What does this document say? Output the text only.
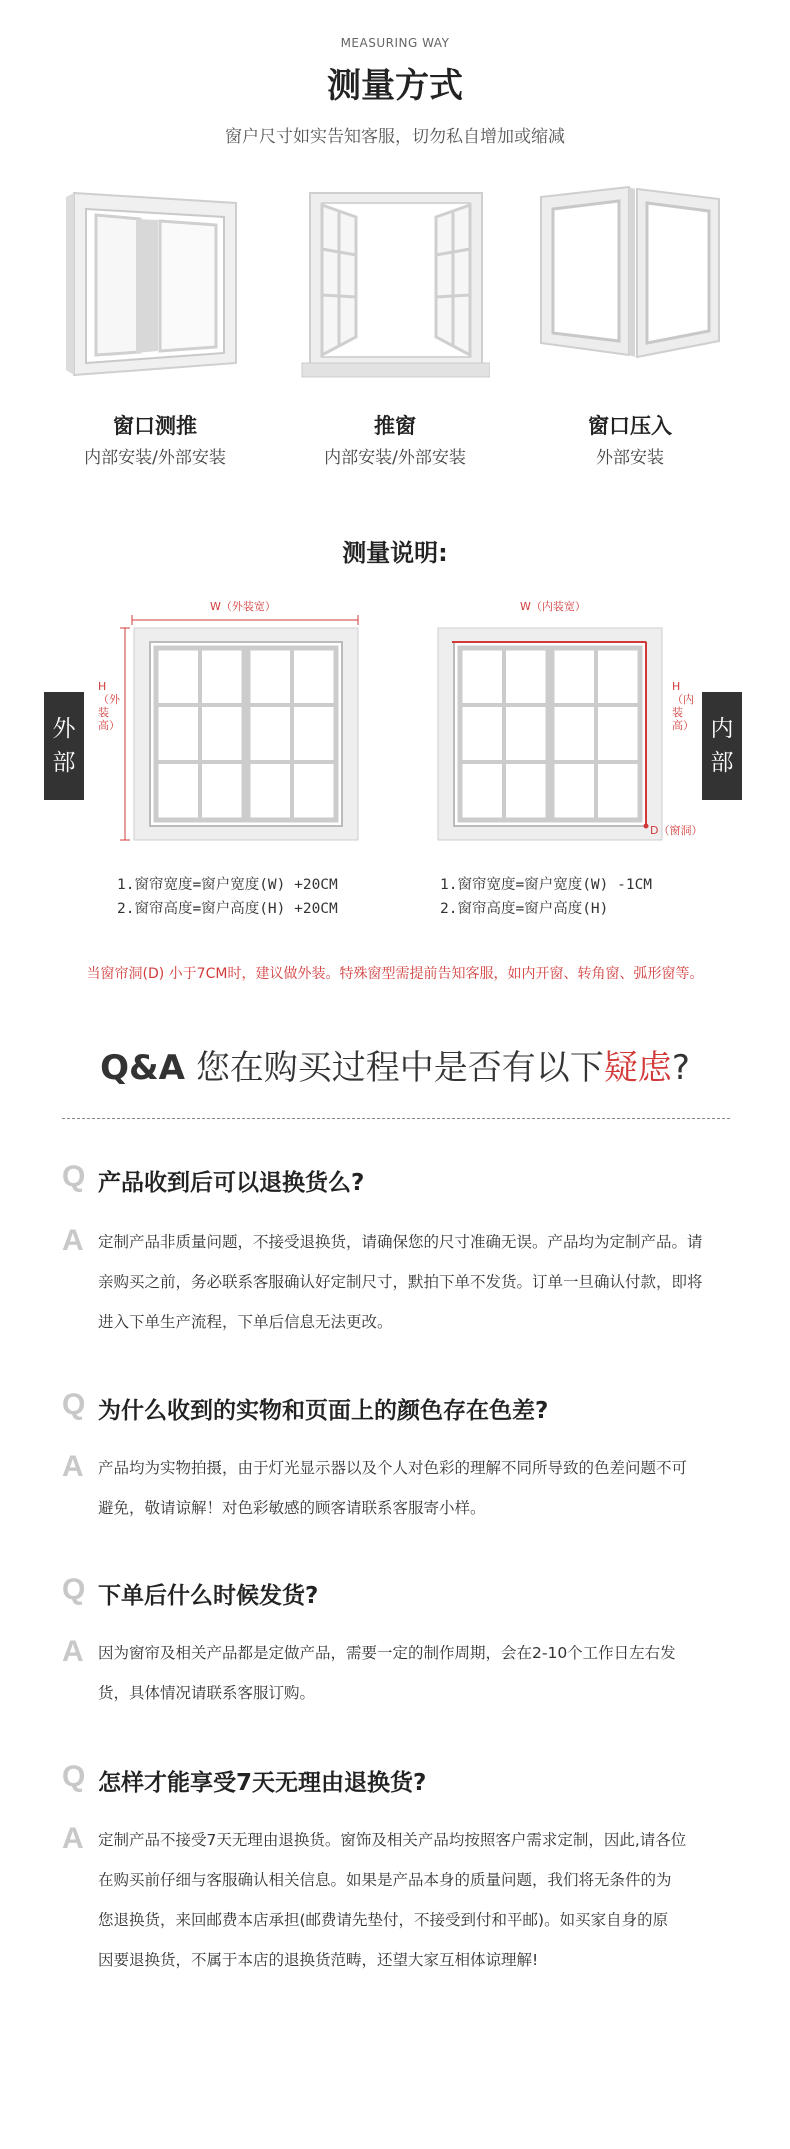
MEASURING WAY
测量方式
窗户尺寸如实告知客服，切勿私自增加或缩减
窗口测推
内部安装/外部安装
推窗
内部安装/外部安装
窗口压入
外部安装
测量说明:
外部
W（外装宽）
H（外装高）
1.窗帘宽度=窗户宽度(W) +20CM
2.窗帘高度=窗户高度(H) +20CM
W（内装宽）
H（内装高）
D（窗洞）
内部
1.窗帘宽度=窗户宽度(W) -1CM
2.窗帘高度=窗户高度(H)
当窗帘洞(D) 小于7CM时，建议做外装。特殊窗型需提前告知客服，如内开窗、转角窗、弧形窗等。
Q&A 您在购买过程中是否有以下疑虑?
Q 产品收到后可以退换货么?
A 定制产品非质量问题，不接受退换货，请确保您的尺寸准确无误。产品均为定制产品。请
亲购买之前，务必联系客服确认好定制尺寸，默拍下单不发货。订单一旦确认付款，即将
进入下单生产流程，下单后信息无法更改。
Q 为什么收到的实物和页面上的颜色存在色差?
A 产品均为实物拍摄，由于灯光显示器以及个人对色彩的理解不同所导致的色差问题不可
避免，敬请谅解！对色彩敏感的顾客请联系客服寄小样。
Q 下单后什么时候发货?
A 因为窗帘及相关产品都是定做产品，需要一定的制作周期，会在2-10个工作日左右发
货，具体情况请联系客服订购。
Q 怎样才能享受7天无理由退换货?
A 定制产品不接受7天无理由退换货。窗饰及相关产品均按照客户需求定制，因此,请各位
在购买前仔细与客服确认相关信息。如果是产品本身的质量问题，我们将无条件的为
您退换货，来回邮费本店承担(邮费请先垫付，不接受到付和平邮)。如买家自身的原
因要退换货，不属于本店的退换货范畴，还望大家互相体谅理解!
